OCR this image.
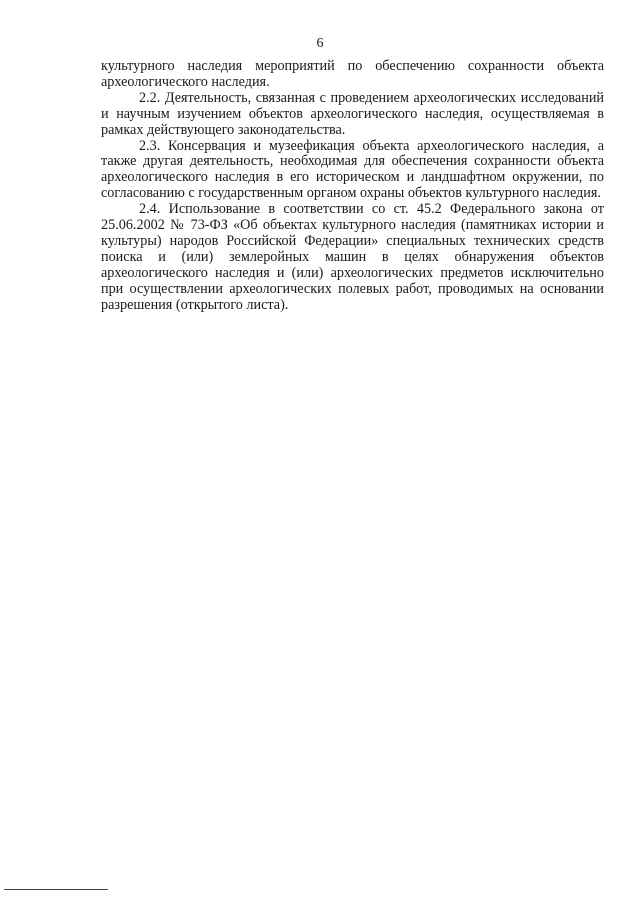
6

культурного наследия мероприятий по обеспечению сохранности объекта археологического наследия.

2.2. Деятельность, связанная с проведением археологических исследований и научным изучением объектов археологического наследия, осуществляемая в рамках действующего законодательства.

2.3. Консервация и музеефикация объекта археологического наследия, а также другая деятельность, необходимая для обеспечения сохранности объекта археологического наследия в его историческом и ландшафтном окружении, по согласованию с государственным органом охраны объектов культурного наследия.

2.4. Использование в соответствии со ст. 45.2 Федерального закона от 25.06.2002 № 73-ФЗ «Об объектах культурного наследия (памятниках истории и культуры) народов Российской Федерации» специальных технических средств поиска и (или) землеройных машин в целях обнаружения объектов археологического наследия и (или) археологических предметов исключительно при осуществлении археологических полевых работ, проводимых на основании разрешения (открытого листа).
